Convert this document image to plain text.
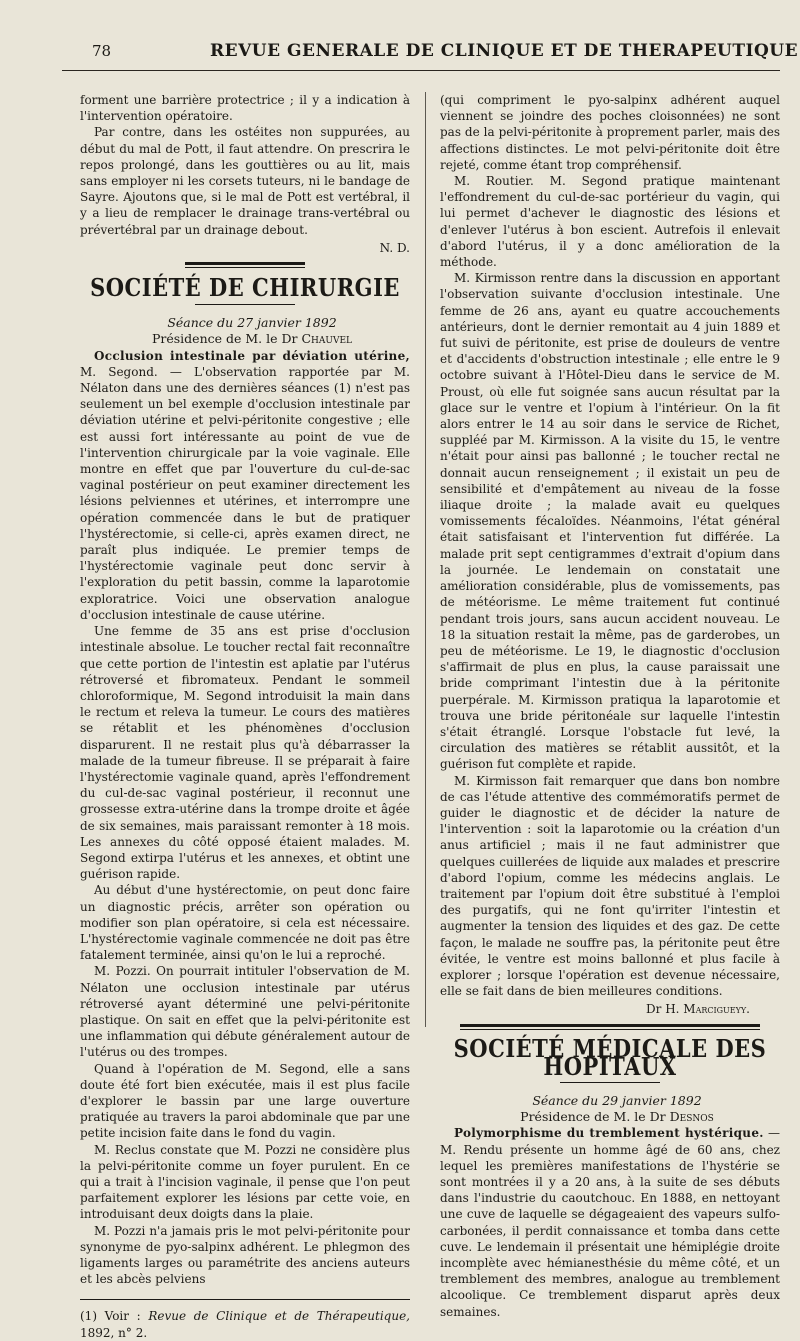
78	REVUE GENERALE DE CLINIQUE ET DE THERAPEUTIQUE

forment une barrière protectrice ; il y a indication à l'intervention opératoire.

Par contre, dans les ostéites non suppurées, au début du mal de Pott, il faut attendre. On prescrira le repos prolongé, dans les gouttières ou au lit, mais sans employer ni les corsets tuteurs, ni le bandage de Sayre. Ajoutons que, si le mal de Pott est vertébral, il y a lieu de remplacer le drainage trans-vertébral ou prévertébral par un drainage debout.

N. D.

SOCIÉTÉ DE CHIRURGIE

Séance du 27 janvier 1892

Présidence de M. le Dr Chauvel

Occlusion intestinale par déviation utérine, M. Segond. — L'observation rapportée par M. Nélaton dans une des dernières séances (1) n'est pas seulement un bel exemple d'occlusion intestinale par déviation utérine et pelvi-péritonite congestive ; elle est aussi fort intéressante au point de vue de l'intervention chirurgicale par la voie vaginale. Elle montre en effet que par l'ouverture du cul-de-sac vaginal postérieur on peut examiner directement les lésions pelviennes et utérines, et interrompre une opération commencée dans le but de pratiquer l'hystérectomie, si celle-ci, après examen direct, ne paraît plus indiquée. Le premier temps de l'hystérectomie vaginale peut donc servir à l'exploration du petit bassin, comme la laparotomie exploratrice. Voici une observation analogue d'occlusion intestinale de cause utérine.

Une femme de 35 ans est prise d'occlusion intestinale absolue. Le toucher rectal fait reconnaître que cette portion de l'intestin est aplatie par l'utérus rétroversé et fibromateux. Pendant le sommeil chloroformique, M. Segond introduisit la main dans le rectum et releva la tumeur. Le cours des matières se rétablit et les phénomènes d'occlusion disparurent. Il ne restait plus qu'à débarrasser la malade de la tumeur fibreuse. Il se préparait à faire l'hystérectomie vaginale quand, après l'effondrement du cul-de-sac vaginal postérieur, il reconnut une grossesse extra-utérine dans la trompe droite et âgée de six semaines, mais paraissant remonter à 18 mois. Les annexes du côté opposé étaient malades. M. Segond extirpa l'utérus et les annexes, et obtint une guérison rapide.

Au début d'une hystérectomie, on peut donc faire un diagnostic précis, arrêter son opération ou modifier son plan opératoire, si cela est nécessaire. L'hystérectomie vaginale commencée ne doit pas être fatalement terminée, ainsi qu'on le lui a reproché.

M. Pozzi. On pourrait intituler l'observation de M. Nélaton une occlusion intestinale par utérus rétroversé ayant déterminé une pelvi-péritonite plastique. On sait en effet que la pelvi-péritonite est une inflammation qui débute généralement autour de l'utérus ou des trompes.

Quand à l'opération de M. Segond, elle a sans doute été fort bien exécutée, mais il est plus facile d'explorer le bassin par une large ouverture pratiquée au travers la paroi abdominale que par une petite incision faite dans le fond du vagin.

M. Reclus constate que M. Pozzi ne considère plus la pelvi-péritonite comme un foyer purulent. En ce qui a trait à l'incision vaginale, il pense que l'on peut parfaitement explorer les lésions par cette voie, en introduisant deux doigts dans la plaie.

M. Pozzi n'a jamais pris le mot pelvi-péritonite pour synonyme de pyo-salpinx adhérent. Le phlegmon des ligaments larges ou paramétrite des anciens auteurs et les abcès pelviens

(1) Voir : Revue de Clinique et de Thérapeutique, 1892, n° 2.

(qui compriment le pyo-salpinx adhérent auquel viennent se joindre des poches cloisonnées) ne sont pas de la pelvi-péritonite à proprement parler, mais des affections distinctes. Le mot pelvi-péritonite doit être rejeté, comme étant trop compréhensif.

M. Routier. M. Segond pratique maintenant l'effondrement du cul-de-sac portérieur du vagin, qui lui permet d'achever le diagnostic des lésions et d'enlever l'utérus à bon escient. Autrefois il enlevait d'abord l'utérus, il y a donc amélioration de la méthode.

M. Kirmisson rentre dans la discussion en apportant l'observation suivante d'occlusion intestinale. Une femme de 26 ans, ayant eu quatre accouchements antérieurs, dont le dernier remontait au 4 juin 1889 et fut suivi de péritonite, est prise de douleurs de ventre et d'accidents d'obstruction intestinale ; elle entre le 9 octobre suivant à l'Hôtel-Dieu dans le service de M. Proust, où elle fut soignée sans aucun résultat par la glace sur le ventre et l'opium à l'intérieur. On la fit alors entrer le 14 au soir dans le service de Richet, suppléé par M. Kirmisson. A la visite du 15, le ventre n'était pour ainsi pas ballonné ; le toucher rectal ne donnait aucun renseignement ; il existait un peu de sensibilité et d'empâtement au niveau de la fosse iliaque droite ; la malade avait eu quelques vomissements fécaloïdes. Néanmoins, l'état général était satisfaisant et l'intervention fut différée. La malade prit sept centigrammes d'extrait d'opium dans la journée. Le lendemain on constatait une amélioration considérable, plus de vomissements, pas de météorisme. Le même traitement fut continué pendant trois jours, sans aucun accident nouveau. Le 18 la situation restait la même, pas de garderobes, un peu de météorisme. Le 19, le diagnostic d'occlusion s'affirmait de plus en plus, la cause paraissait une bride comprimant l'intestin due à la péritonite puerpérale. M. Kirmisson pratiqua la laparotomie et trouva une bride péritonéale sur laquelle l'intestin s'était étranglé. Lorsque l'obstacle fut levé, la circulation des matières se rétablit aussitôt, et la guérison fut complète et rapide.

M. Kirmisson fait remarquer que dans bon nombre de cas l'étude attentive des commémoratifs permet de guider le diagnostic et de décider la nature de l'intervention : soit la laparotomie ou la création d'un anus artificiel ; mais il ne faut administrer que quelques cuillerées de liquide aux malades et prescrire d'abord l'opium, comme les médecins anglais. Le traitement par l'opium doit être substitué à l'emploi des purgatifs, qui ne font qu'irriter l'intestin et augmenter la tension des liquides et des gaz. De cette façon, le malade ne souffre pas, la péritonite peut être évitée, le ventre est moins ballonné et plus facile à explorer ; lorsque l'opération est devenue nécessaire, elle se fait dans de bien meilleures conditions.

Dr H. Marcigueyy.

SOCIÉTÉ MÉDICALE DES HOPITAUX

Séance du 29 janvier 1892

Présidence de M. le Dr Desnos

Polymorphisme du tremblement hystérique. — M. Rendu présente un homme âgé de 60 ans, chez lequel les premières manifestations de l'hystérie se sont montrées il y a 20 ans, à la suite de ses débuts dans l'industrie du caoutchouc. En 1888, en nettoyant une cuve de laquelle se dégageaient des vapeurs sulfo-carbonées, il perdit connaissance et tomba dans cette cuve. Le lendemain il présentait une hémiplégie droite incomplète avec hémianesthésie du même côté, et un tremblement des membres, analogue au tremblement alcoolique. Ce tremblement disparut après deux semaines.
